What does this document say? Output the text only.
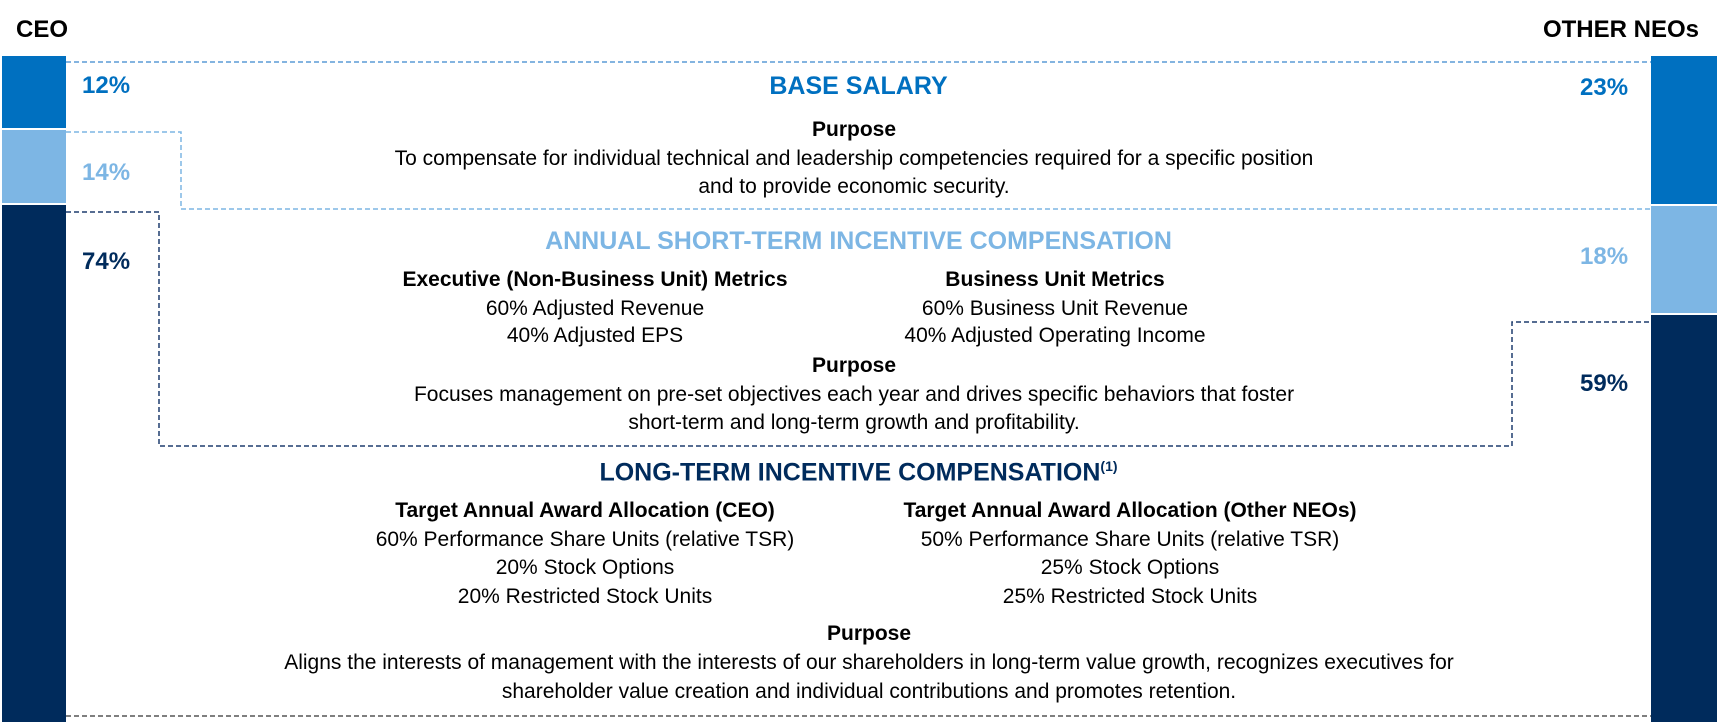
CEO	OTHER NEOs
12%
14%
74%
23%
18%
59%
BASE SALARY
Purpose
To compensate for individual technical and leadership competencies required for a specific position
and to provide economic security.
ANNUAL SHORT-TERM INCENTIVE COMPENSATION
Executive (Non-Business Unit) Metrics
60% Adjusted Revenue
40% Adjusted EPS
Business Unit Metrics
60% Business Unit Revenue
40% Adjusted Operating Income
Purpose
Focuses management on pre-set objectives each year and drives specific behaviors that foster
short-term and long-term growth and profitability.
LONG-TERM INCENTIVE COMPENSATION$^{(1)}$
Target Annual Award Allocation (CEO)
60% Performance Share Units (relative TSR)
20% Stock Options
20% Restricted Stock Units
Target Annual Award Allocation (Other NEOs)
50% Performance Share Units (relative TSR)
25% Stock Options
25% Restricted Stock Units
Purpose
Aligns the interests of management with the interests of our shareholders in long-term value growth, recognizes executives for
shareholder value creation and individual contributions and promotes retention.
